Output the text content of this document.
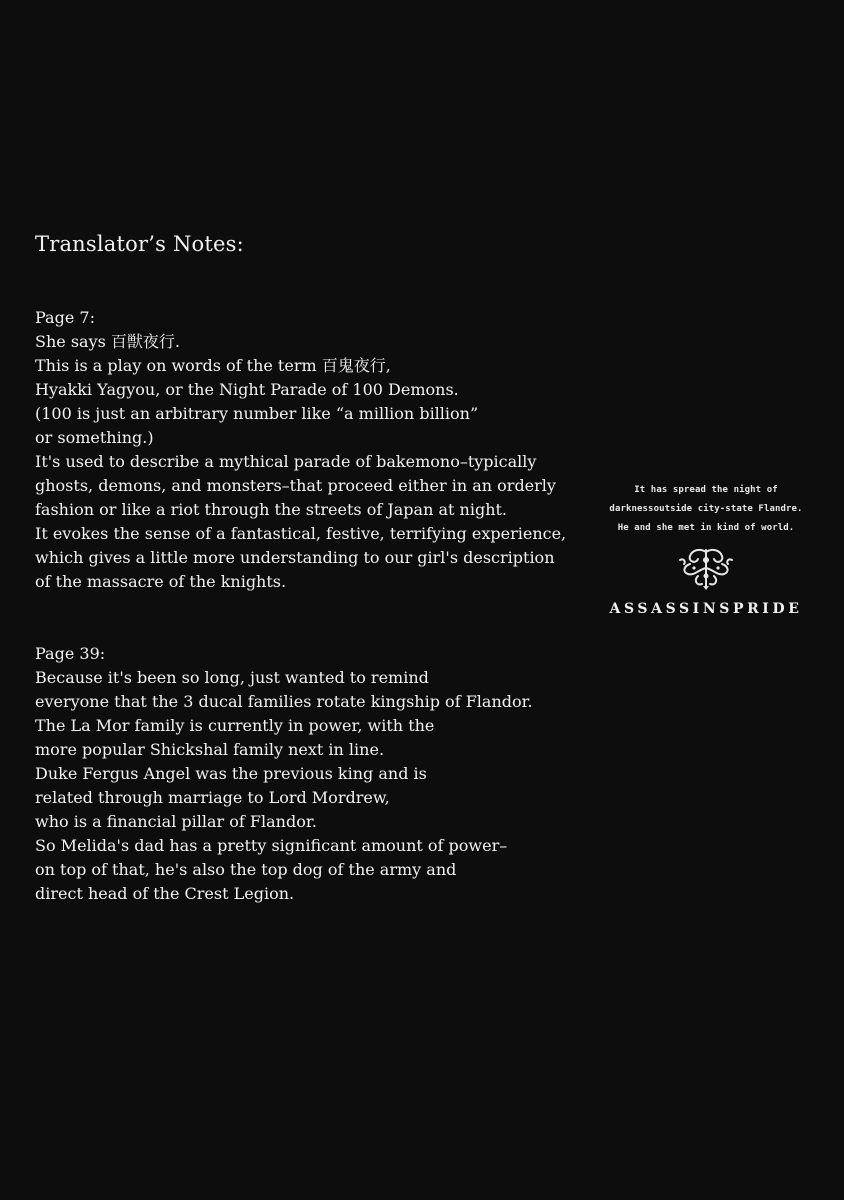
Translator’s Notes:
Page 7:
She says 百獣夜行.
This is a play on words of the term 百鬼夜行,
Hyakki Yagyou, or the Night Parade of 100 Demons.
(100 is just an arbitrary number like “a million billion”
or something.)
It's used to describe a mythical parade of bakemono–typically
ghosts, demons, and monsters–that proceed either in an orderly
fashion or like a riot through the streets of Japan at night.
It evokes the sense of a fantastical, festive, terrifying experience,
which gives a little more understanding to our girl's description
of the massacre of the knights.
Page 39:
Because it's been so long, just wanted to remind
everyone that the 3 ducal families rotate kingship of Flandor.
The La Mor family is currently in power, with the
more popular Shickshal family next in line.
Duke Fergus Angel was the previous king and is
related through marriage to Lord Mordrew,
who is a financial pillar of Flandor.
So Melida's dad has a pretty significant amount of power–
on top of that, he's also the top dog of the army and
direct head of the Crest Legion.
It has spread the night of
darknessoutside city-state Flandre.
He and she met in kind of world.
ASSASSINSPRIDE
